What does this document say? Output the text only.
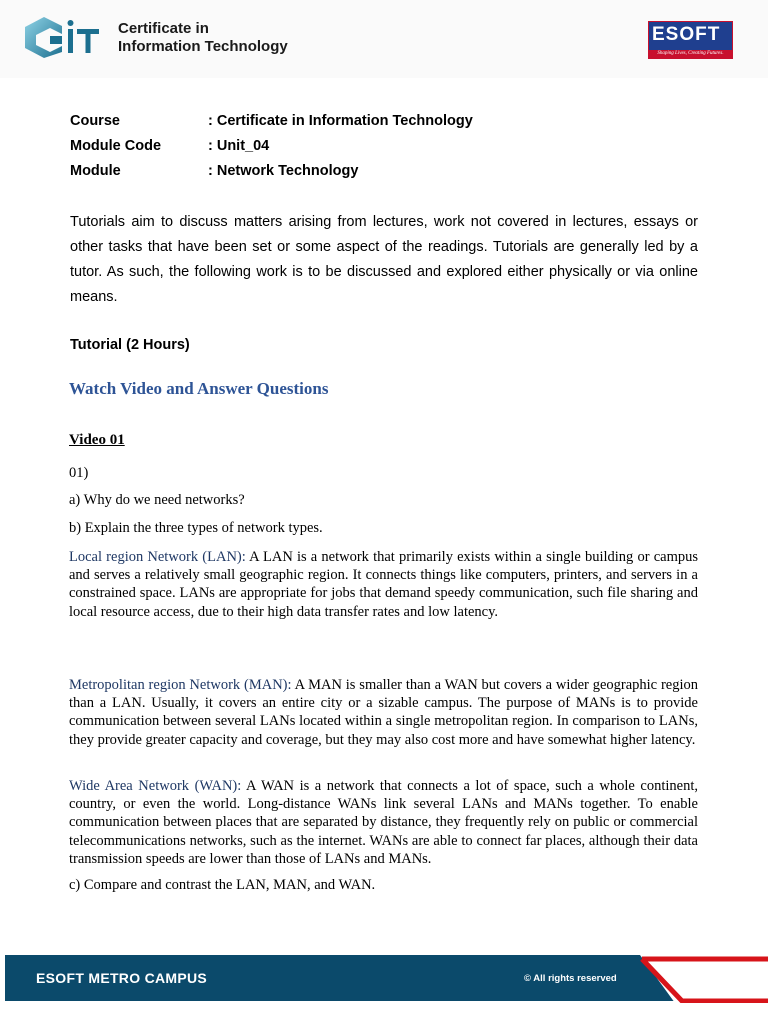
Certificate in
Information Technology
ESOFT
Shaping Lives, Creating Futures.
Course	: Certificate in Information Technology
Module Code	: Unit_04
Module	: Network Technology
Tutorials aim to discuss matters arising from lectures, work not covered in lectures, essays or other tasks that have been set or some aspect of the readings. Tutorials are generally led by a tutor. As such, the following work is to be discussed and explored either physically or via online means.
Tutorial (2 Hours)
Watch Video and Answer Questions
Video 01
01)
a) Why do we need networks?
b) Explain the three types of network types.
Local region Network (LAN): A LAN is a network that primarily exists within a single building or campus and serves a relatively small geographic region. It connects things like computers, printers, and servers in a constrained space. LANs are appropriate for jobs that demand speedy communication, such file sharing and local resource access, due to their high data transfer rates and low latency.
Metropolitan region Network (MAN): A MAN is smaller than a WAN but covers a wider geographic region than a LAN. Usually, it covers an entire city or a sizable campus. The purpose of MANs is to provide communication between several LANs located within a single metropolitan region. In comparison to LANs, they provide greater capacity and coverage, but they may also cost more and have somewhat higher latency.
Wide Area Network (WAN): A WAN is a network that connects a lot of space, such a whole continent, country, or even the world. Long-distance WANs link several LANs and MANs together. To enable communication between places that are separated by distance, they frequently rely on public or commercial telecommunications networks, such as the internet. WANs are able to connect far places, although their data transmission speeds are lower than those of LANs and MANs.
c) Compare and contrast the LAN, MAN, and WAN.
ESOFT METRO CAMPUS	© All rights reserved
